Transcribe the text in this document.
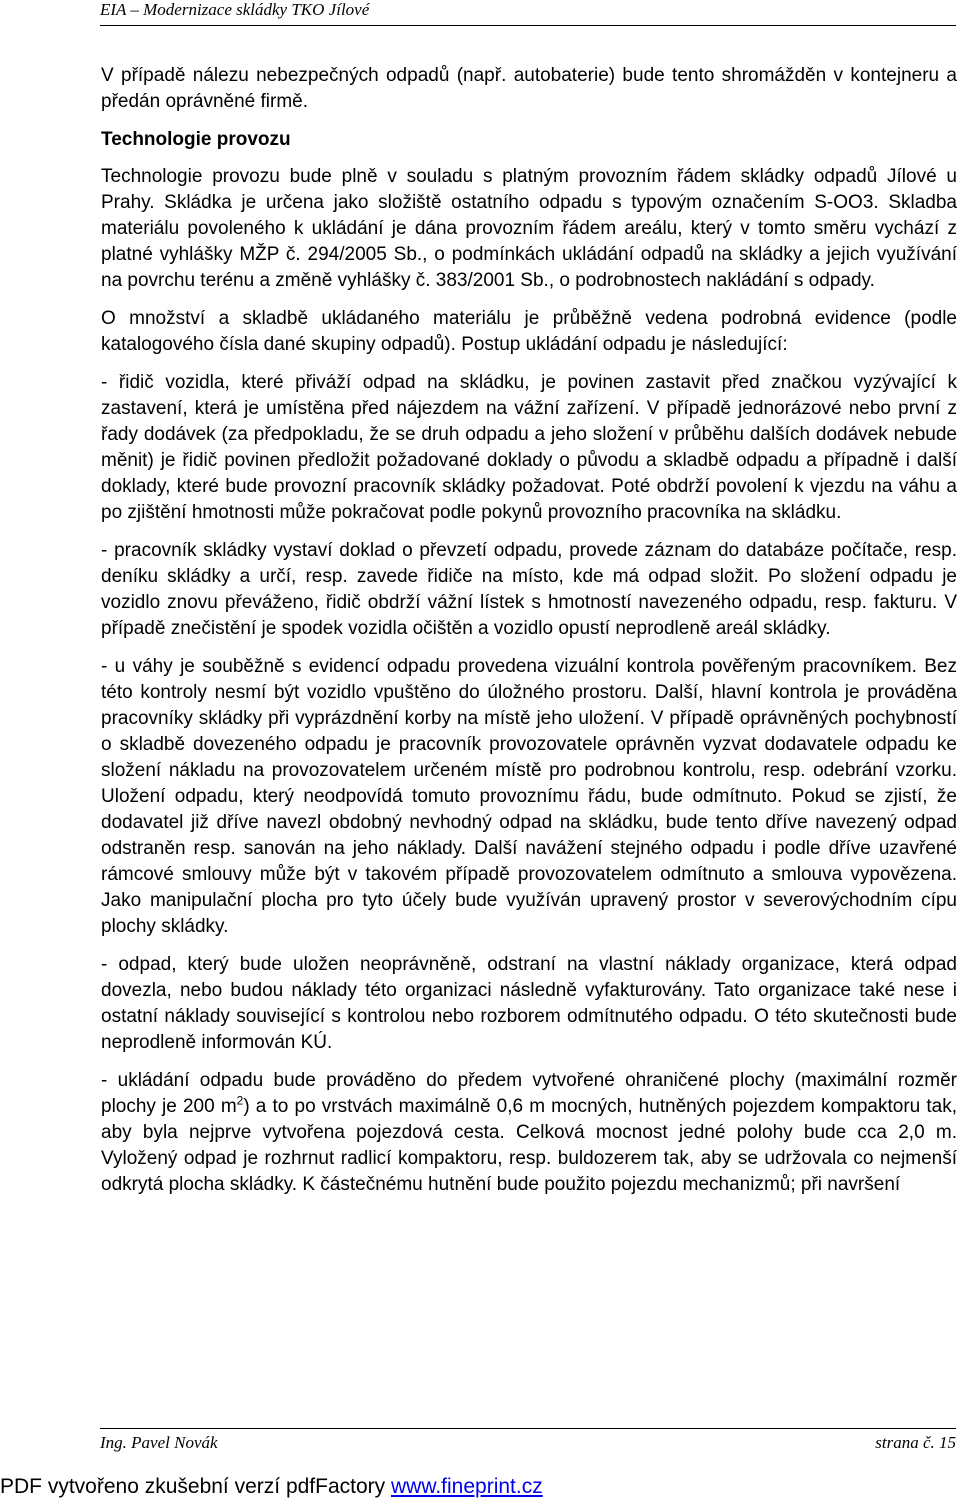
EIA – Modernizace skládky TKO Jílové

V případě nálezu nebezpečných odpadů (např. autobaterie) bude tento shromážděn v kontejneru a předán oprávněné firmě.

Technologie provozu

Technologie provozu bude plně v souladu s platným provozním řádem skládky odpadů Jílové u Prahy. Skládka je určena jako složiště ostatního odpadu s typovým označením S-OO3. Skladba materiálu povoleného k ukládání je dána provozním řádem areálu, který v tomto směru vychází z platné vyhlášky MŽP č. 294/2005 Sb., o podmínkách ukládání odpadů na skládky a jejich využívání na povrchu terénu a změně vyhlášky č. 383/2001 Sb., o podrobnostech nakládání s odpady.

O množství a skladbě ukládaného materiálu je průběžně vedena podrobná evidence (podle katalogového čísla dané skupiny odpadů). Postup ukládání odpadu je následující:

- řidič vozidla, které přiváží odpad na skládku, je povinen zastavit před značkou vyzývající k zastavení, která je umístěna před nájezdem na vážní zařízení. V případě jednorázové nebo první z řady dodávek (za předpokladu, že se druh odpadu a jeho složení v průběhu dalších dodávek nebude měnit) je řidič povinen předložit požadované doklady o původu a skladbě odpadu a případně i další doklady, které bude provozní pracovník skládky požadovat. Poté obdrží povolení k vjezdu na váhu a po zjištění hmotnosti může pokračovat podle pokynů provozního pracovníka na skládku.

- pracovník skládky vystaví doklad o převzetí odpadu, provede záznam do databáze počítače, resp. deníku skládky a určí, resp. zavede řidiče na místo, kde má odpad složit. Po složení odpadu je vozidlo znovu převáženo, řidič obdrží vážní lístek s hmotností navezeného odpadu, resp. fakturu. V případě znečistění je spodek vozidla očištěn a vozidlo opustí neprodleně areál skládky.

- u váhy je souběžně s evidencí odpadu provedena vizuální kontrola pověřeným pracovníkem. Bez této kontroly nesmí být vozidlo vpuštěno do úložného prostoru. Další, hlavní kontrola je prováděna pracovníky skládky při vyprázdnění korby na místě jeho uložení. V případě oprávněných pochybností o skladbě dovezeného odpadu je pracovník provozovatele oprávněn vyzvat dodavatele odpadu ke složení nákladu na provozovatelem určeném místě pro podrobnou kontrolu, resp. odebrání vzorku. Uložení odpadu, který neodpovídá tomuto provoznímu řádu, bude odmítnuto. Pokud se zjistí, že dodavatel již dříve navezl obdobný nevhodný odpad na skládku, bude tento dříve navezený odpad odstraněn resp. sanován na jeho náklady. Další navážení stejného odpadu i podle dříve uzavřené rámcové smlouvy může být v takovém případě provozovatelem odmítnuto a smlouva vypovězena. Jako manipulační plocha pro tyto účely bude využíván upravený prostor v severovýchodním cípu plochy skládky.

- odpad, který bude uložen neoprávněně, odstraní na vlastní náklady organizace, která odpad dovezla, nebo budou náklady této organizaci následně vyfakturovány. Tato organizace také nese i ostatní náklady související s kontrolou nebo rozborem odmítnutého odpadu. O této skutečnosti bude neprodleně informován KÚ.

- ukládání odpadu bude prováděno do předem vytvořené ohraničené plochy (maximální rozměr plochy je 200 $m^2$) a to po vrstvách maximálně 0,6 m mocných, hutněných pojezdem kompaktoru tak, aby byla nejprve vytvořena pojezdová cesta. Celková mocnost jedné polohy bude cca 2,0 m. Vyložený odpad je rozhrnut radlicí kompaktoru, resp. buldozerem tak, aby se udržovala co nejmenší odkrytá plocha skládky. K částečnému hutnění bude použito pojezdu mechanizmů; při navršení

Ing. Pavel Novák	strana č. 15
PDF vytvořeno zkušební verzí pdfFactory www.fineprint.cz
